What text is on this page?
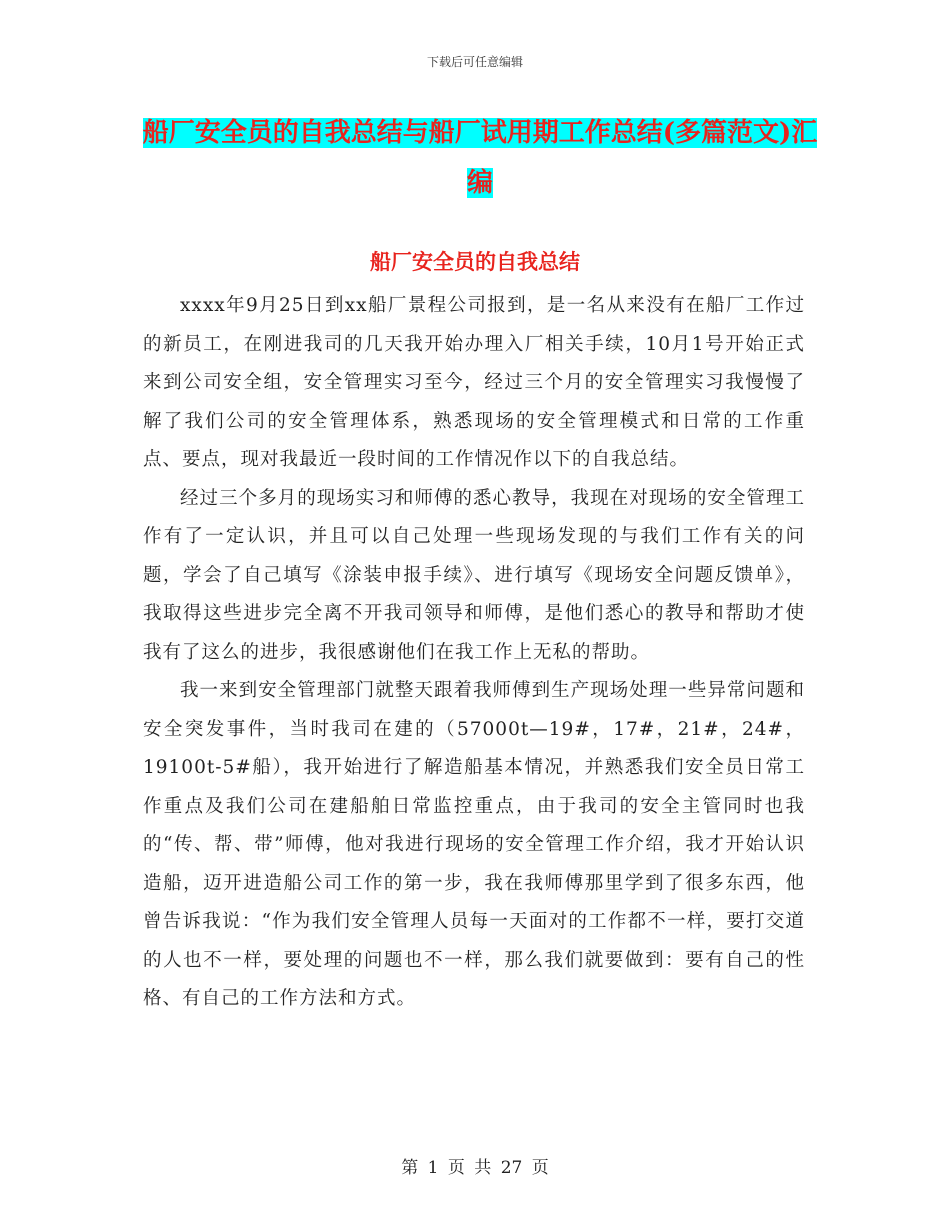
下载后可任意编辑
船厂安全员的自我总结与船厂试用期工作总结(多篇范文)汇编
船厂安全员的自我总结

xxxx年9月25日到xx船厂景程公司报到，是一名从来没有在船厂工作过的新员工，在刚进我司的几天我开始办理入厂相关手续，10月1号开始正式来到公司安全组，安全管理实习至今，经过三个月的安全管理实习我慢慢了解了我们公司的安全管理体系，熟悉现场的安全管理模式和日常的工作重点、要点，现对我最近一段时间的工作情况作以下的自我总结。

经过三个多月的现场实习和师傅的悉心教导，我现在对现场的安全管理工作有了一定认识，并且可以自己处理一些现场发现的与我们工作有关的问题，学会了自己填写《涂装申报手续》、进行填写《现场安全问题反馈单》，我取得这些进步完全离不开我司领导和师傅，是他们悉心的教导和帮助才使我有了这么的进步，我很感谢他们在我工作上无私的帮助。

我一来到安全管理部门就整天跟着我师傅到生产现场处理一些异常问题和安全突发事件，当时我司在建的（57000t—19#，17#，21#，24#， 19100t-5#船），我开始进行了解造船基本情况，并熟悉我们安全员日常工作重点及我们公司在建船舶日常监控重点，由于我司的安全主管同时也我的“传、帮、带”师傅，他对我进行现场的安全管理工作介绍，我才开始认识造船，迈开进造船公司工作的第一步，我在我师傅那里学到了很多东西，他曾告诉我说：“作为我们安全管理人员每一天面对的工作都不一样，要打交道的人也不一样，要处理的问题也不一样，那么我们就要做到：要有自己的性格、有自己的工作方法和方式。

第 1 页 共 27 页
